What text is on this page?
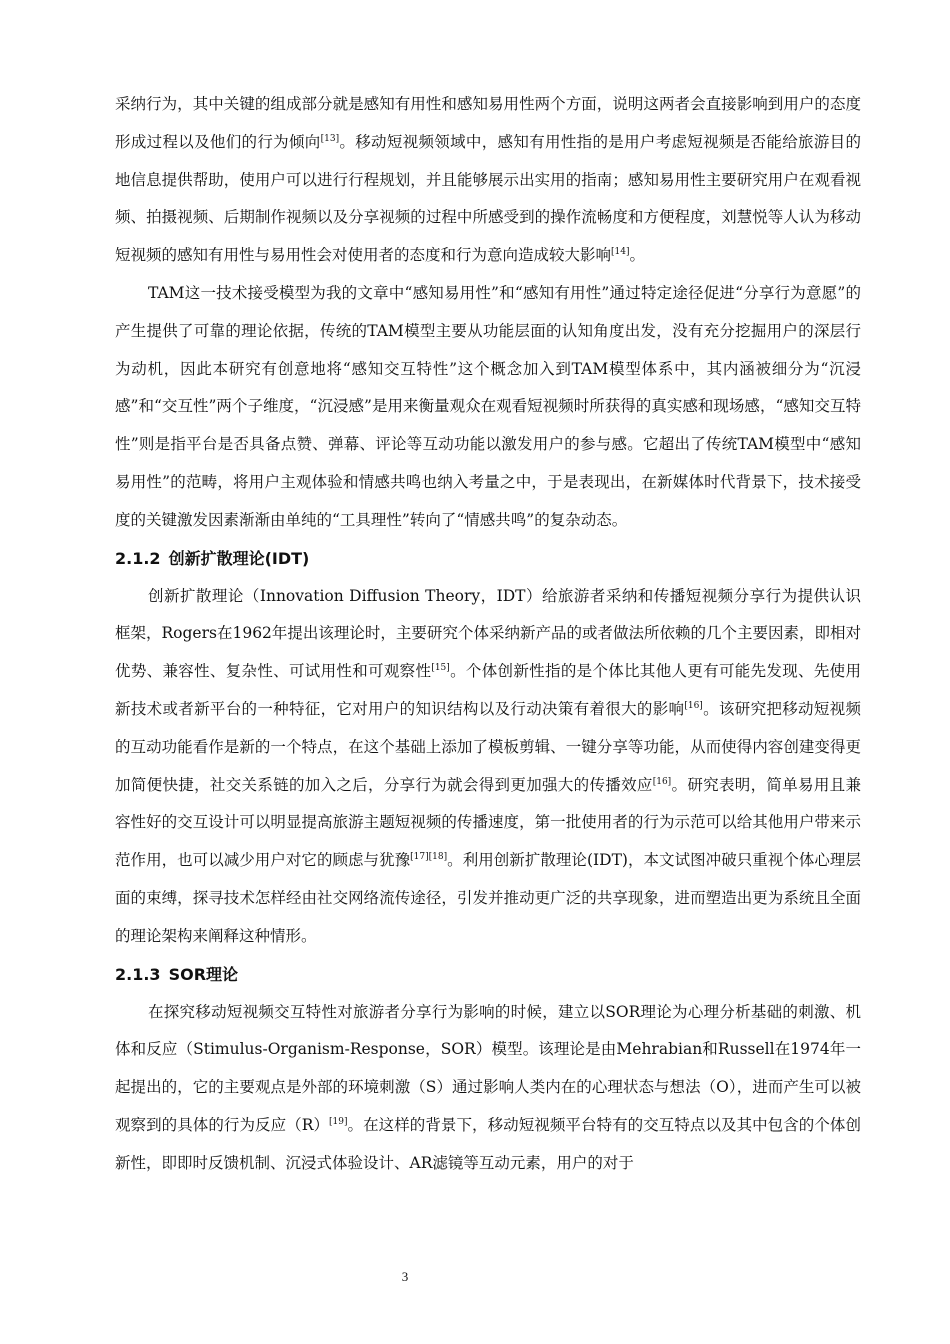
采纳行为，其中关键的组成部分就是感知有用性和感知易用性两个方面，说明这两者会直接影响到用户的态度形成过程以及他们的行为倾向[13]。移动短视频领域中，感知有用性指的是用户考虑短视频是否能给旅游目的地信息提供帮助，使用户可以进行行程规划，并且能够展示出实用的指南；感知易用性主要研究用户在观看视频、拍摄视频、后期制作视频以及分享视频的过程中所感受到的操作流畅度和方便程度，刘慧悦等人认为移动短视频的感知有用性与易用性会对使用者的态度和行为意向造成较大影响[14]。

TAM这一技术接受模型为我的文章中“感知易用性”和“感知有用性”通过特定途径促进“分享行为意愿”的产生提供了可靠的理论依据，传统的TAM模型主要从功能层面的认知角度出发，没有充分挖掘用户的深层行为动机，因此本研究有创意地将“感知交互特性”这个概念加入到TAM模型体系中，其内涵被细分为“沉浸感”和“交互性”两个子维度，“沉浸感”是用来衡量观众在观看短视频时所获得的真实感和现场感，“感知交互特性”则是指平台是否具备点赞、弹幕、评论等互动功能以激发用户的参与感。它超出了传统TAM模型中“感知易用性”的范畴，将用户主观体验和情感共鸣也纳入考量之中，于是表现出，在新媒体时代背景下，技术接受度的关键激发因素渐渐由单纯的“工具理性”转向了“情感共鸣”的复杂动态。

2.1.2 创新扩散理论(IDT)

创新扩散理论（Innovation Diffusion Theory，IDT）给旅游者采纳和传播短视频分享行为提供认识框架，Rogers在1962年提出该理论时，主要研究个体采纳新产品的或者做法所依赖的几个主要因素，即相对优势、兼容性、复杂性、可试用性和可观察性[15]。个体创新性指的是个体比其他人更有可能先发现、先使用新技术或者新平台的一种特征，它对用户的知识结构以及行动决策有着很大的影响[16]。该研究把移动短视频的互动功能看作是新的一个特点，在这个基础上添加了模板剪辑、一键分享等功能，从而使得内容创建变得更加简便快捷，社交关系链的加入之后，分享行为就会得到更加强大的传播效应[16]。研究表明，简单易用且兼容性好的交互设计可以明显提高旅游主题短视频的传播速度，第一批使用者的行为示范可以给其他用户带来示范作用，也可以减少用户对它的顾虑与犹豫[17][18]。利用创新扩散理论(IDT)，本文试图冲破只重视个体心理层面的束缚，探寻技术怎样经由社交网络流传途径，引发并推动更广泛的共享现象，进而塑造出更为系统且全面的理论架构来阐释这种情形。

2.1.3 SOR理论

在探究移动短视频交互特性对旅游者分享行为影响的时候，建立以SOR理论为心理分析基础的刺激、机体和反应（Stimulus-Organism-Response，SOR）模型。该理论是由Mehrabian和Russell在1974年一起提出的，它的主要观点是外部的环境刺激（S）通过影响人类内在的心理状态与想法（O），进而产生可以被观察到的具体的行为反应（R）[19]。在这样的背景下，移动短视频平台特有的交互特点以及其中包含的个体创新性，即即时反馈机制、沉浸式体验设计、AR滤镜等互动元素，用户的对于

3
